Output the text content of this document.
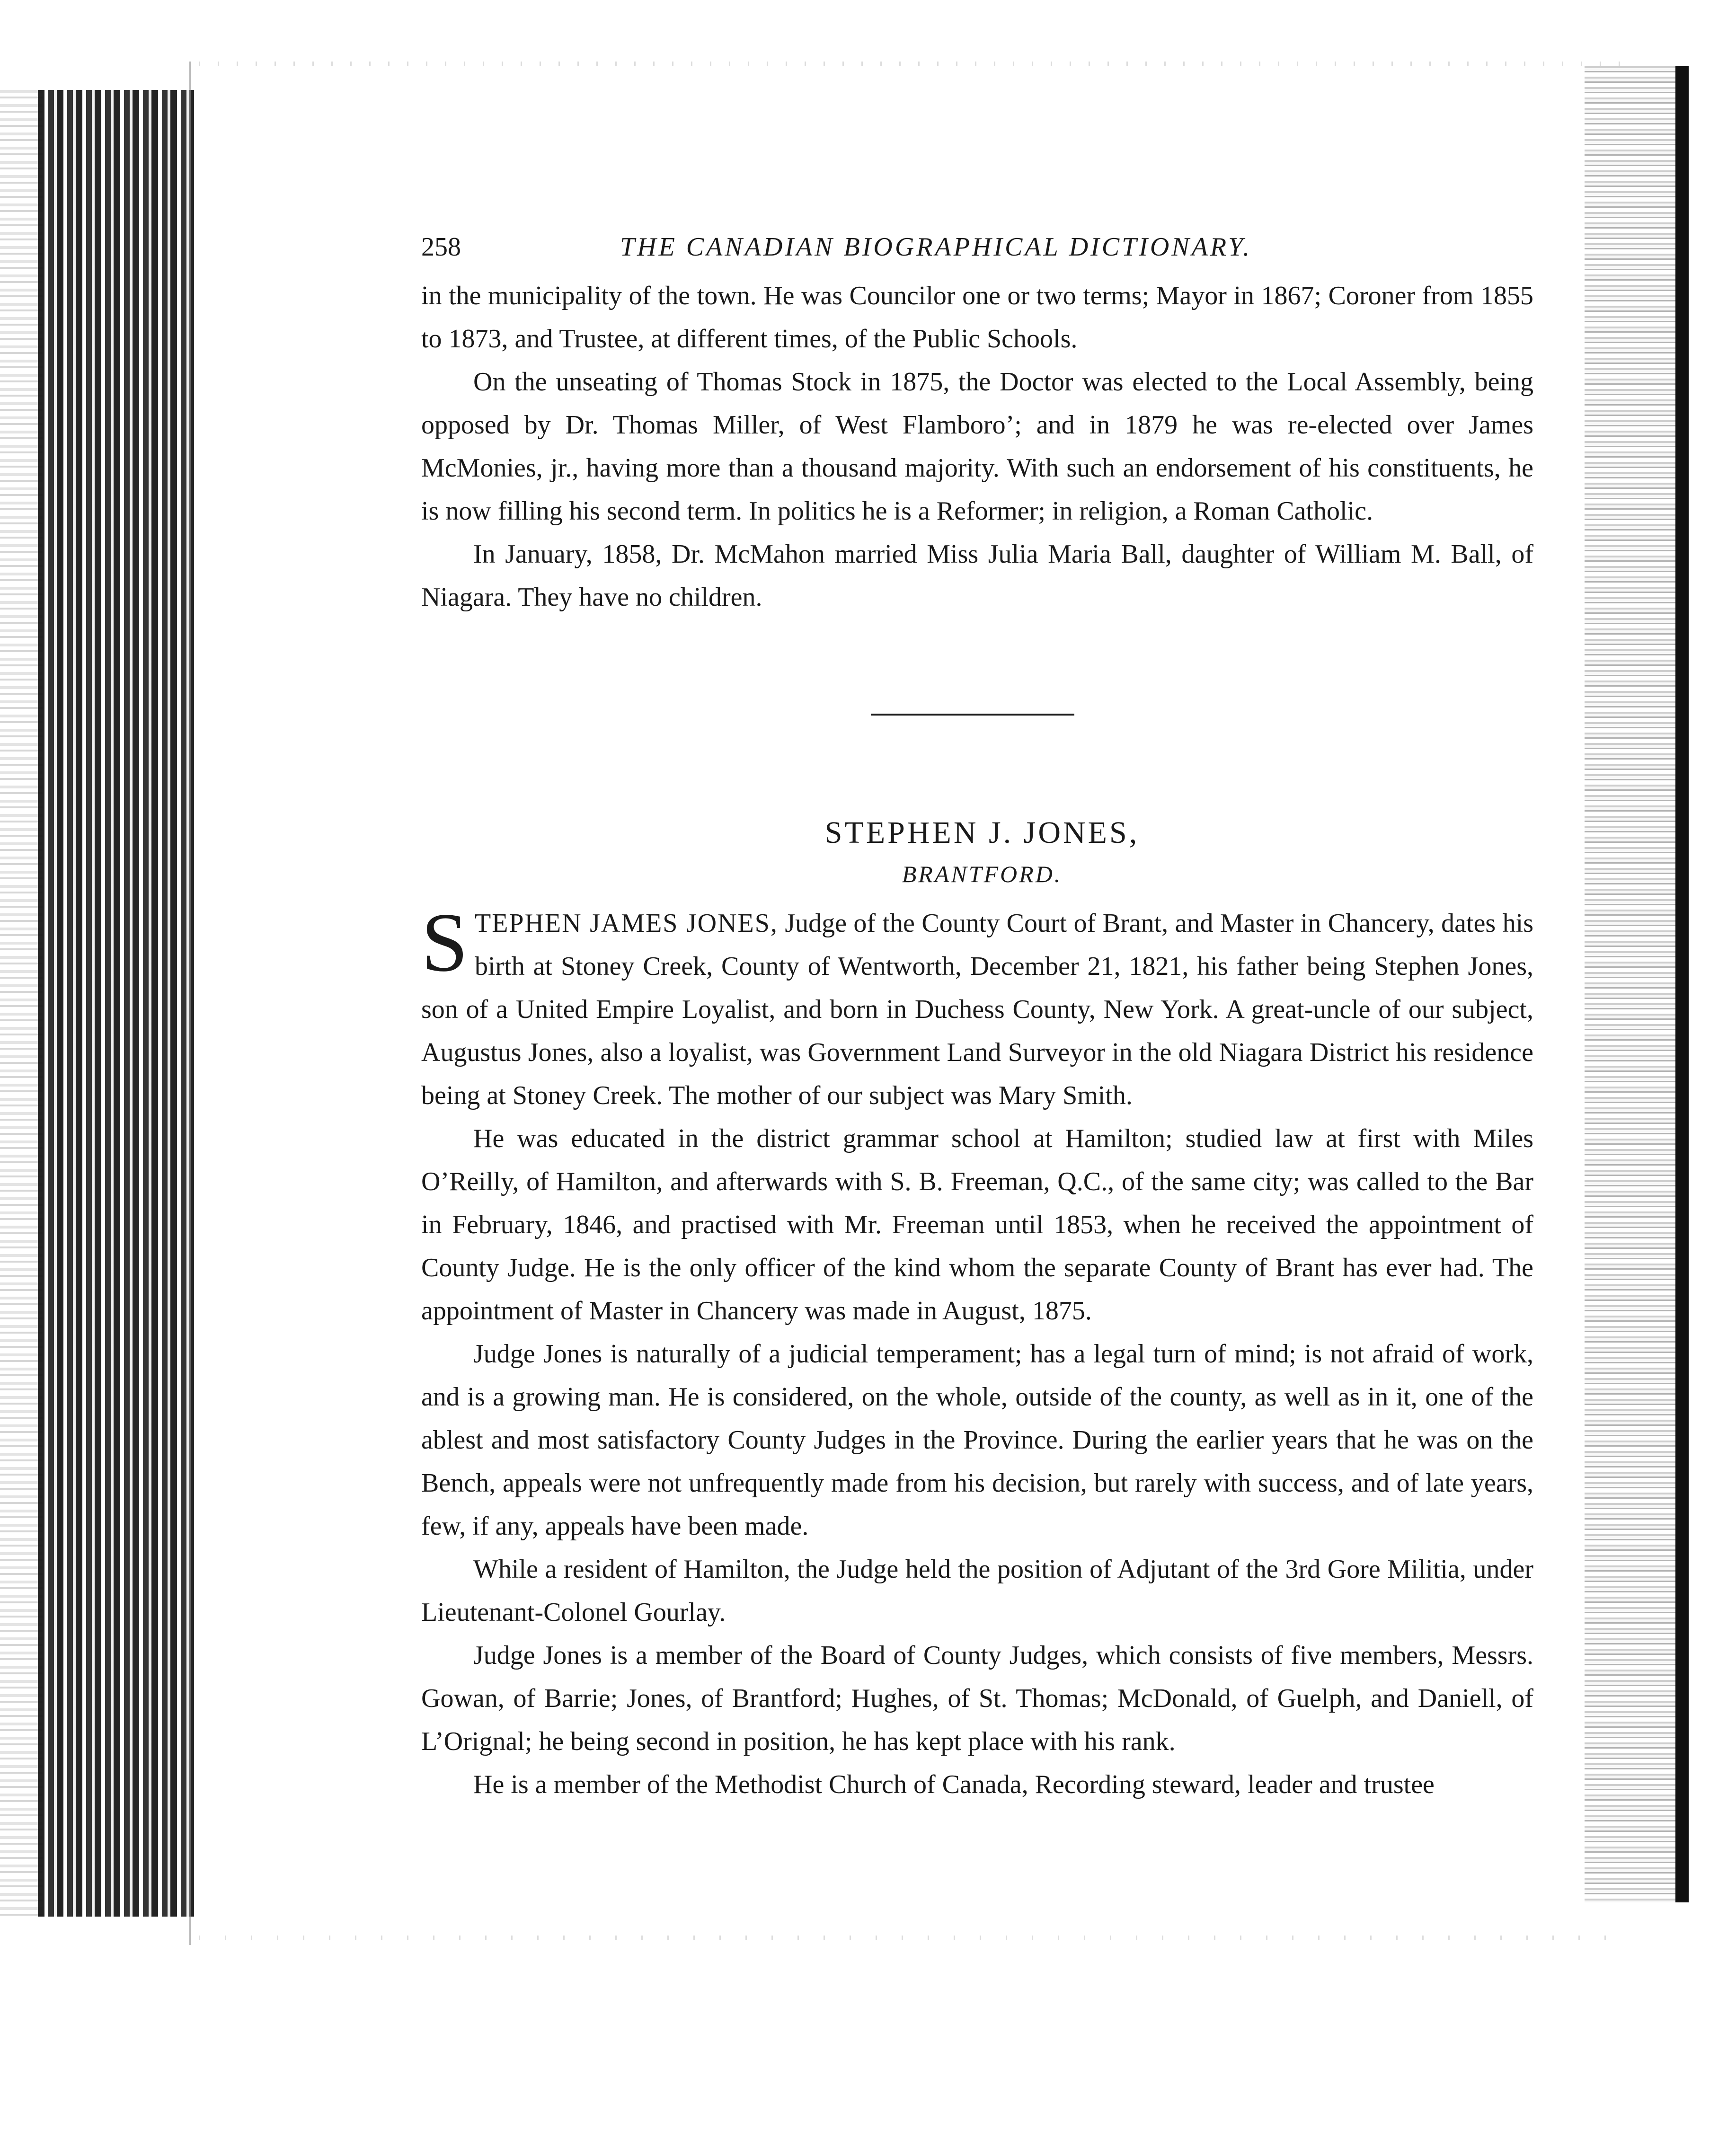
258	THE CANADIAN BIOGRAPHICAL DICTIONARY.

in the municipality of the town. He was Councilor one or two terms; Mayor in 1867; Coroner from 1855 to 1873, and Trustee, at different times, of the Public Schools.

On the unseating of Thomas Stock in 1875, the Doctor was elected to the Local Assembly, being opposed by Dr. Thomas Miller, of West Flamboro’; and in 1879 he was re-elected over James McMonies, jr., having more than a thousand majority. With such an endorsement of his constituents, he is now filling his second term. In politics he is a Reformer; in religion, a Roman Catholic.

In January, 1858, Dr. McMahon married Miss Julia Maria Ball, daughter of William M. Ball, of Niagara. They have no children.

STEPHEN J. JONES,
BRANTFORD.

STEPHEN JAMES JONES, Judge of the County Court of Brant, and Master in Chancery, dates his birth at Stoney Creek, County of Wentworth, December 21, 1821, his father being Stephen Jones, son of a United Empire Loyalist, and born in Duchess County, New York. A great-uncle of our subject, Augustus Jones, also a loyalist, was Government Land Surveyor in the old Niagara District his residence being at Stoney Creek. The mother of our subject was Mary Smith.

He was educated in the district grammar school at Hamilton; studied law at first with Miles O’Reilly, of Hamilton, and afterwards with S. B. Freeman, Q.C., of the same city; was called to the Bar in February, 1846, and practised with Mr. Freeman until 1853, when he received the appointment of County Judge. He is the only officer of the kind whom the separate County of Brant has ever had. The appointment of Master in Chancery was made in August, 1875.

Judge Jones is naturally of a judicial temperament; has a legal turn of mind; is not afraid of work, and is a growing man. He is considered, on the whole, outside of the county, as well as in it, one of the ablest and most satisfactory County Judges in the Province. During the earlier years that he was on the Bench, appeals were not unfrequently made from his decision, but rarely with success, and of late years, few, if any, appeals have been made.

While a resident of Hamilton, the Judge held the position of Adjutant of the 3rd Gore Militia, under Lieutenant-Colonel Gourlay.

Judge Jones is a member of the Board of County Judges, which consists of five members, Messrs. Gowan, of Barrie; Jones, of Brantford; Hughes, of St. Thomas; McDonald, of Guelph, and Daniell, of L’Orignal; he being second in position, he has kept place with his rank.

He is a member of the Methodist Church of Canada, Recording steward, leader and trustee
